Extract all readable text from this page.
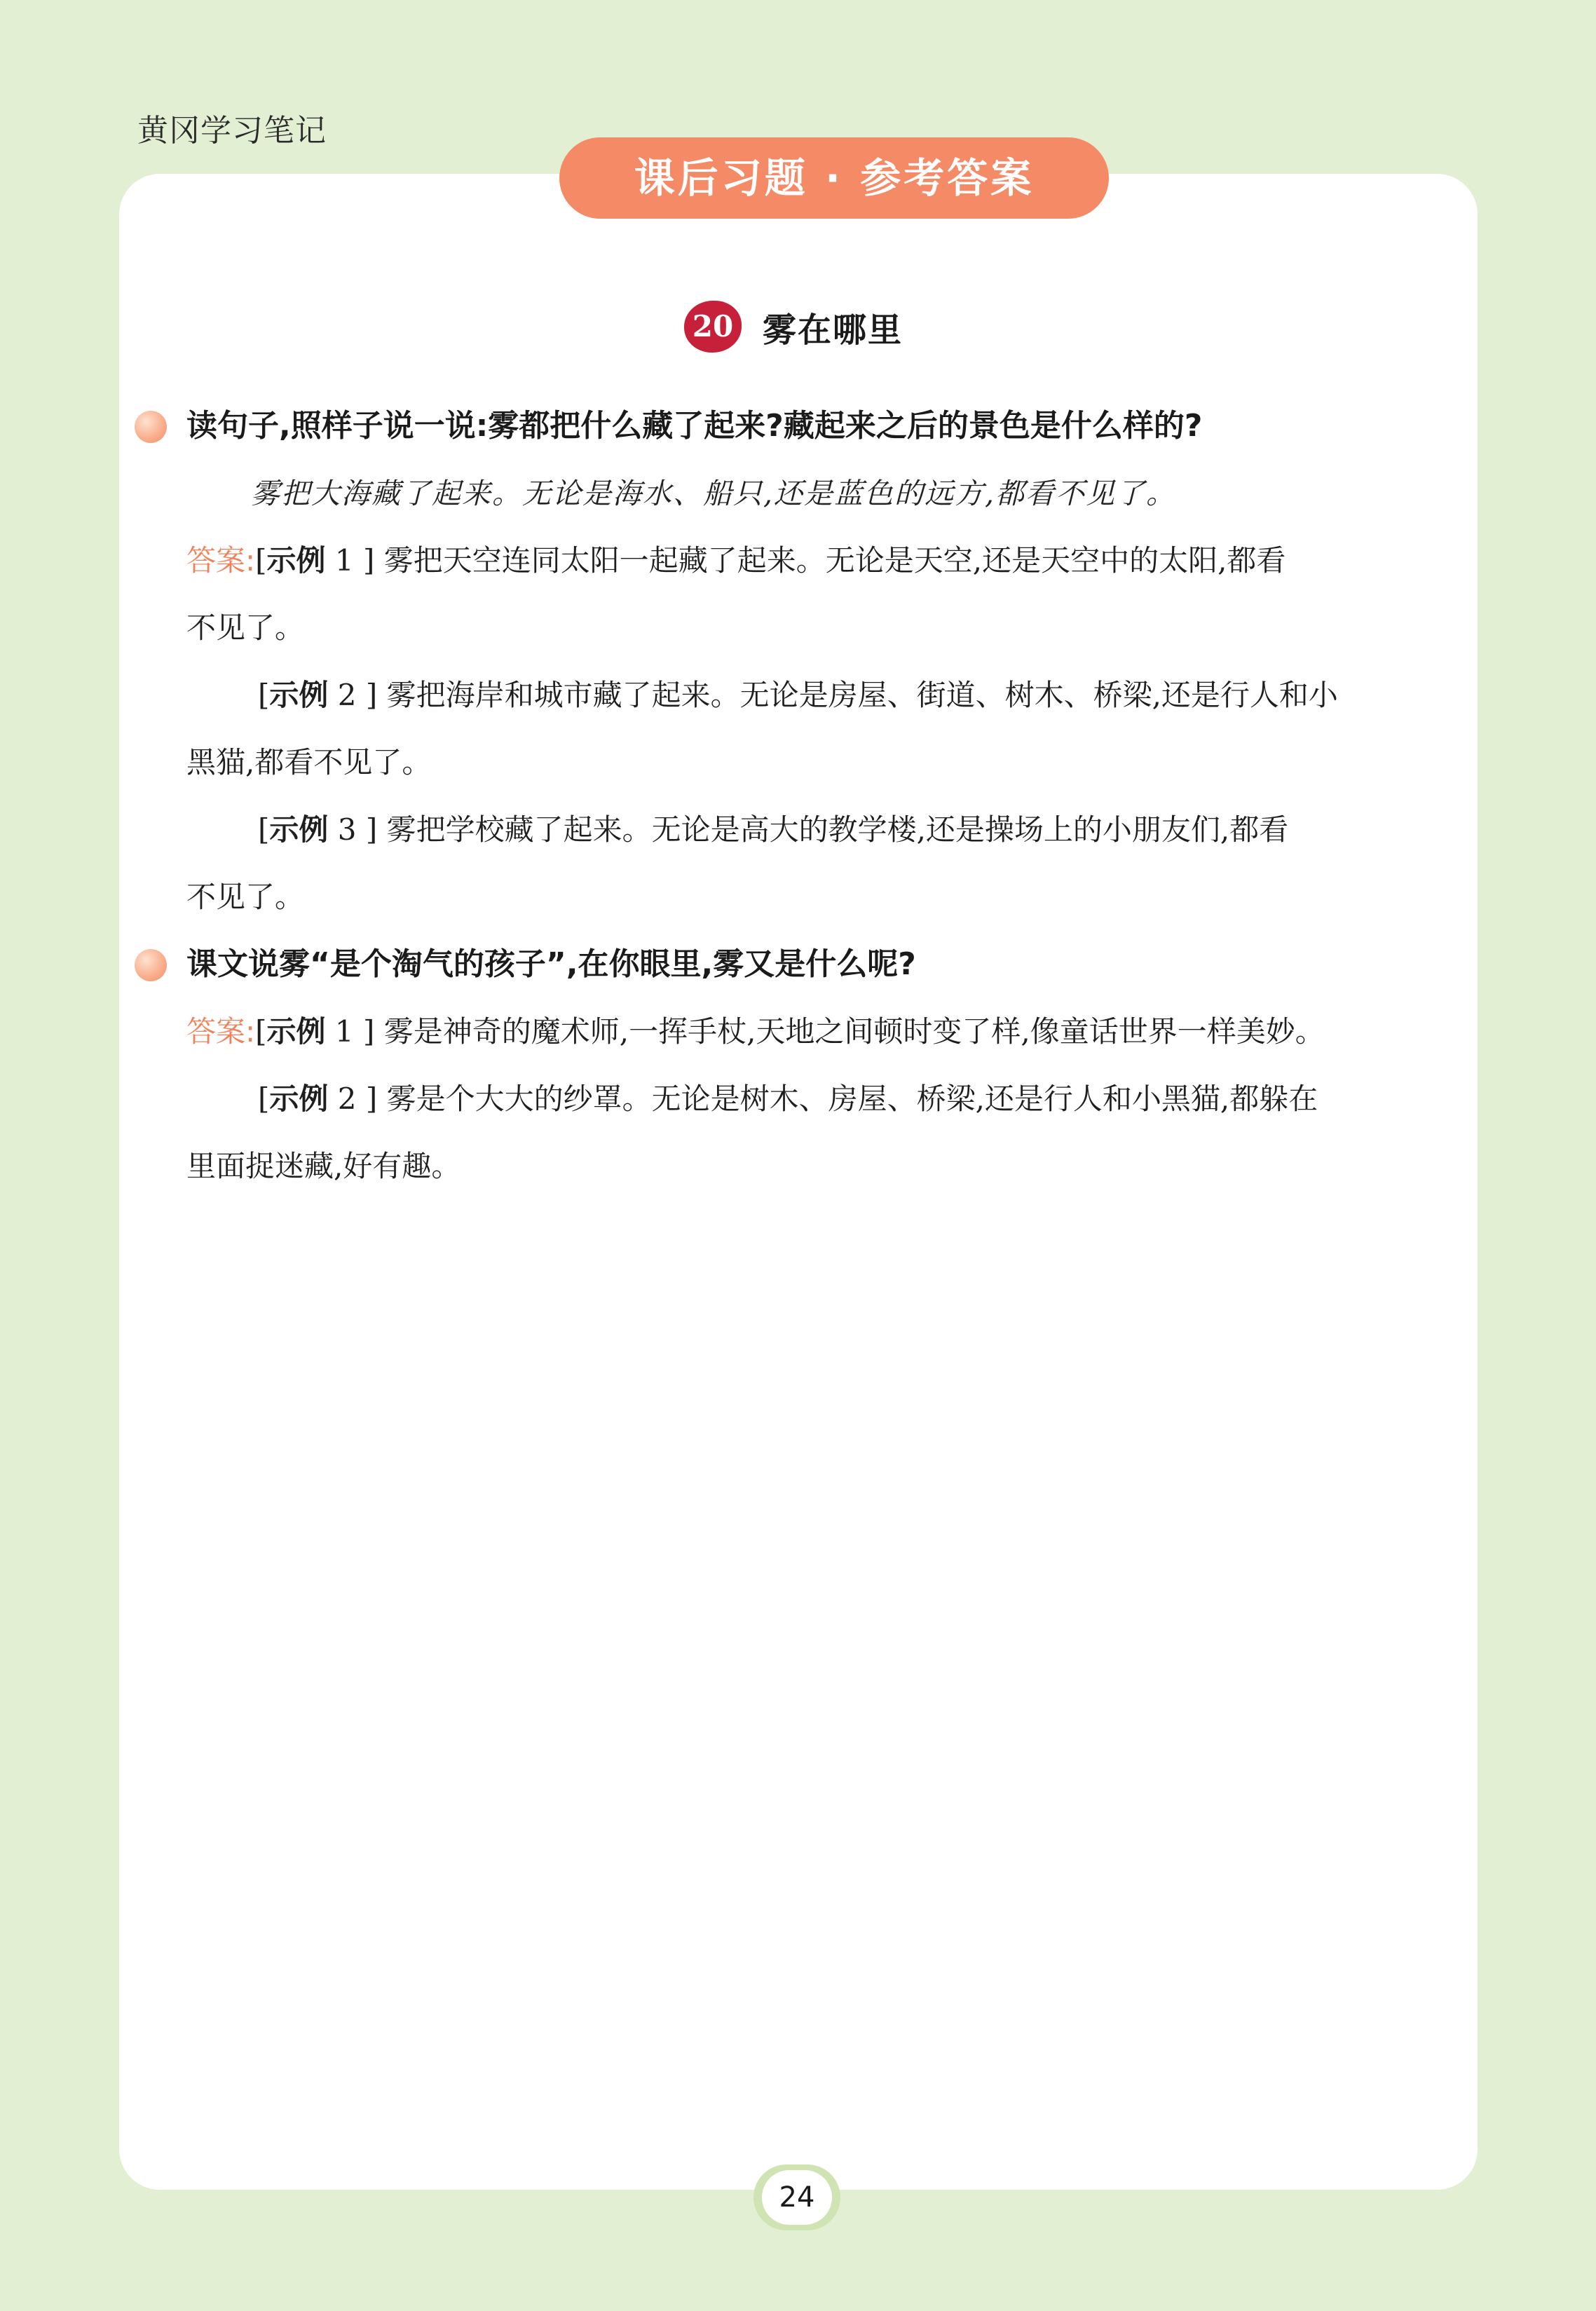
黄冈学习笔记
课后习题 · 参考答案
20 雾在哪里
读句子,照样子说一说:雾都把什么藏了起来?藏起来之后的景色是什么样的?
雾把大海藏了起来。无论是海水、船只,还是蓝色的远方,都看不见了。
答案:[示例 1 ] 雾把天空连同太阳一起藏了起来。无论是天空,还是天空中的太阳,都看
不见了。
[示例 2 ] 雾把海岸和城市藏了起来。无论是房屋、街道、树木、桥梁,还是行人和小
黑猫,都看不见了。
[示例 3 ] 雾把学校藏了起来。无论是高大的教学楼,还是操场上的小朋友们,都看
不见了。
课文说雾“是个淘气的孩子”,在你眼里,雾又是什么呢?
答案:[示例 1 ] 雾是神奇的魔术师,一挥手杖,天地之间顿时变了样,像童话世界一样美妙。
[示例 2 ] 雾是个大大的纱罩。无论是树木、房屋、桥梁,还是行人和小黑猫,都躲在
里面捉迷藏,好有趣。
24
